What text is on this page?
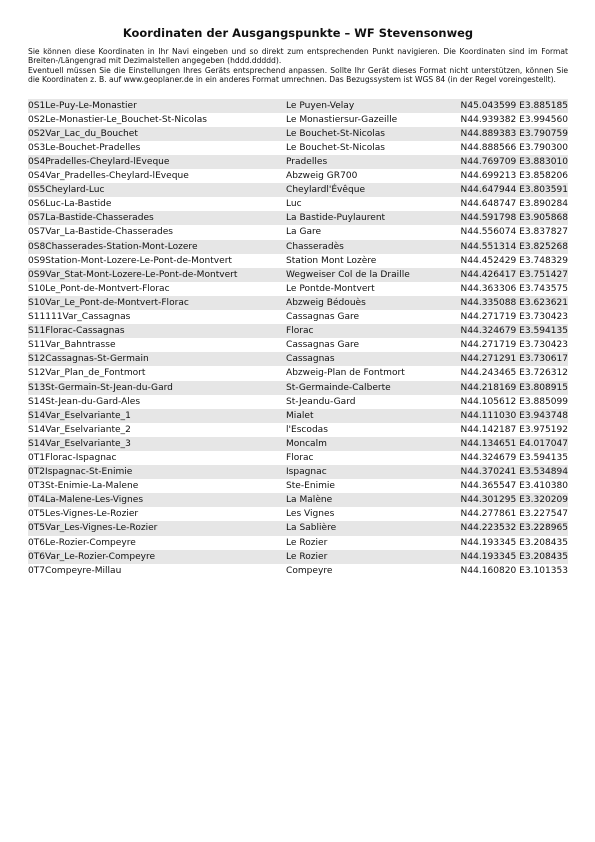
Koordinaten der Ausgangspunkte – WF Stevensonweg

Sie können diese Koordinaten in Ihr Navi eingeben und so direkt zum entsprechenden Punkt navigieren. Die Koordinaten sind im Format Breiten-/Längengrad mit Dezimalstellen angegeben (hddd.ddddd).

Eventuell müssen Sie die Einstellungen Ihres Geräts entsprechend anpassen. Sollte Ihr Gerät dieses Format nicht unterstützen, können Sie die Koordinaten z. B. auf www.geoplaner.de in ein anderes Format umrechnen. Das Bezugssystem ist WGS 84 (in der Regel voreingestellt).

0S1Le-Puy-Le-Monastier	Le Puyen-Velay	N45.043599 E3.885185
0S2Le-Monastier-Le_Bouchet-St-Nicolas	Le Monastiersur-Gazeille	N44.939382 E3.994560
0S2Var_Lac_du_Bouchet	Le Bouchet-St-Nicolas	N44.889383 E3.790759
0S3Le-Bouchet-Pradelles	Le Bouchet-St-Nicolas	N44.888566 E3.790300
0S4Pradelles-Cheylard-lEveque	Pradelles	N44.769709 E3.883010
0S4Var_Pradelles-Cheylard-lEveque	Abzweig GR700	N44.699213 E3.858206
0S5Cheylard-Luc	Cheylardl'Évêque	N44.647944 E3.803591
0S6Luc-La-Bastide	Luc	N44.648747 E3.890284
0S7La-Bastide-Chasserades	La Bastide-Puylaurent	N44.591798 E3.905868
0S7Var_La-Bastide-Chasserades	La Gare	N44.556074 E3.837827
0S8Chasserades-Station-Mont-Lozere	Chasseradès	N44.551314 E3.825268
0S9Station-Mont-Lozere-Le-Pont-de-Montvert	Station Mont Lozère	N44.452429 E3.748329
0S9Var_Stat-Mont-Lozere-Le-Pont-de-Montvert	Wegweiser Col de la Draille	N44.426417 E3.751427
S10Le_Pont-de-Montvert-Florac	Le Pontde-Montvert	N44.363306 E3.743575
S10Var_Le_Pont-de-Montvert-Florac	Abzweig Bédouès	N44.335088 E3.623621
S11111Var_Cassagnas	Cassagnas Gare	N44.271719 E3.730423
S11Florac-Cassagnas	Florac	N44.324679 E3.594135
S11Var_Bahntrasse	Cassagnas Gare	N44.271719 E3.730423
S12Cassagnas-St-Germain	Cassagnas	N44.271291 E3.730617
S12Var_Plan_de_Fontmort	Abzweig-Plan de Fontmort	N44.243465 E3.726312
S13St-Germain-St-Jean-du-Gard	St-Germainde-Calberte	N44.218169 E3.808915
S14St-Jean-du-Gard-Ales	St-Jeandu-Gard	N44.105612 E3.885099
S14Var_Eselvariante_1	Mialet	N44.111030 E3.943748
S14Var_Eselvariante_2	l'Escodas	N44.142187 E3.975192
S14Var_Eselvariante_3	Moncalm	N44.134651 E4.017047
0T1Florac-Ispagnac	Florac	N44.324679 E3.594135
0T2Ispagnac-St-Enimie	Ispagnac	N44.370241 E3.534894
0T3St-Enimie-La-Malene	Ste-Enimie	N44.365547 E3.410380
0T4La-Malene-Les-Vignes	La Malène	N44.301295 E3.320209
0T5Les-Vignes-Le-Rozier	Les Vignes	N44.277861 E3.227547
0T5Var_Les-Vignes-Le-Rozier	La Sablière	N44.223532 E3.228965
0T6Le-Rozier-Compeyre	Le Rozier	N44.193345 E3.208435
0T6Var_Le-Rozier-Compeyre	Le Rozier	N44.193345 E3.208435
0T7Compeyre-Millau	Compeyre	N44.160820 E3.101353
